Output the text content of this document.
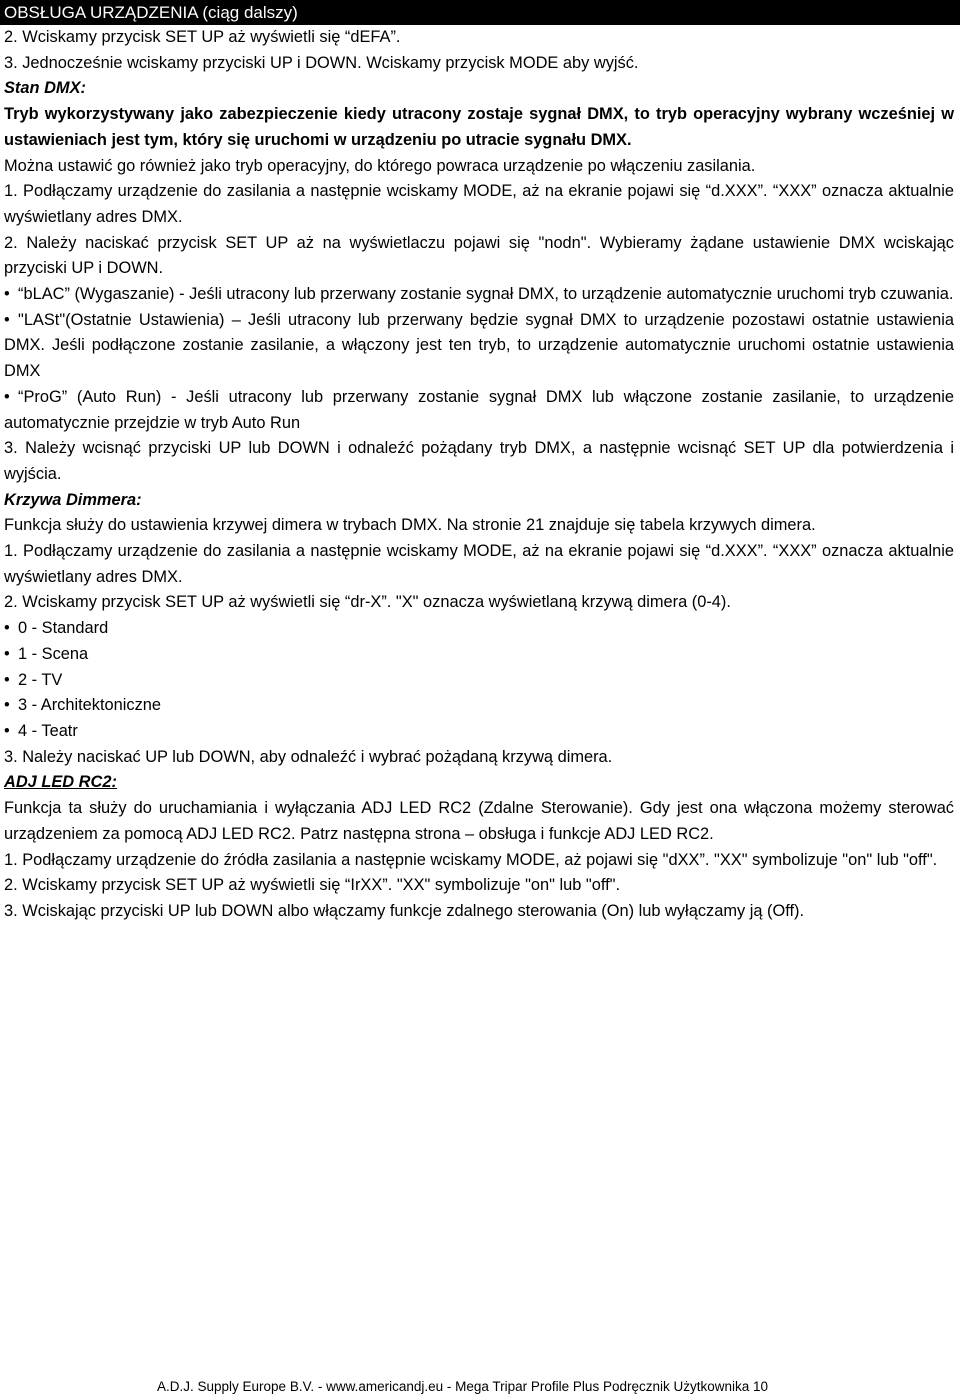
OBSŁUGA URZĄDZENIA (ciąg dalszy)

2. Wciskamy przycisk SET UP aż wyświetli się “dEFA”.

3. Jednocześnie wciskamy przyciski UP i DOWN. Wciskamy przycisk MODE aby wyjść.

Stan DMX:

Tryb wykorzystywany jako zabezpieczenie kiedy utracony zostaje sygnał DMX, to tryb operacyjny wybrany wcześniej w ustawieniach jest tym, który się uruchomi w urządzeniu po utracie sygnału DMX.

Można ustawić go również jako tryb operacyjny, do którego powraca urządzenie po włączeniu zasilania.

1. Podłączamy urządzenie do zasilania a następnie wciskamy MODE, aż na ekranie pojawi się “d.XXX”. “XXX” oznacza aktualnie wyświetlany adres DMX.

2. Należy naciskać przycisk SET UP aż na wyświetlaczu pojawi się "nodn". Wybieramy żądane ustawienie DMX wciskając przyciski UP i DOWN.

• “bLAC” (Wygaszanie) - Jeśli utracony lub przerwany zostanie sygnał DMX, to urządzenie automatycznie uruchomi tryb czuwania.

• "LASt"(Ostatnie Ustawienia) – Jeśli utracony lub przerwany będzie sygnał DMX to urządzenie pozostawi ostatnie ustawienia DMX. Jeśli podłączone zostanie zasilanie, a włączony jest ten tryb, to urządzenie automatycznie uruchomi ostatnie ustawienia DMX

• “ProG” (Auto Run) - Jeśli utracony lub przerwany zostanie sygnał DMX lub włączone zostanie zasilanie, to urządzenie automatycznie przejdzie w tryb Auto Run

3. Należy wcisnąć przyciski UP lub DOWN i odnaleźć pożądany tryb DMX, a następnie wcisnąć SET UP dla potwierdzenia i wyjścia.

Krzywa Dimmera:

Funkcja służy do ustawienia krzywej dimera w trybach DMX. Na stronie 21 znajduje się tabela krzywych dimera.

1. Podłączamy urządzenie do zasilania a następnie wciskamy MODE, aż na ekranie pojawi się “d.XXX”. “XXX” oznacza aktualnie wyświetlany adres DMX.

2. Wciskamy przycisk SET UP aż wyświetli się “dr-X”. "X" oznacza wyświetlaną krzywą dimera (0-4).

• 0 - Standard

• 1 - Scena

• 2 - TV

• 3 - Architektoniczne

• 4 - Teatr

3. Należy naciskać UP lub DOWN, aby odnaleźć i wybrać pożądaną krzywą dimera.

ADJ LED RC2:

Funkcja ta służy do uruchamiania i wyłączania ADJ LED RC2 (Zdalne Sterowanie). Gdy jest ona włączona możemy sterować urządzeniem za pomocą ADJ LED RC2. Patrz następna strona – obsługa i funkcje ADJ LED RC2.

1. Podłączamy urządzenie do źródła zasilania a następnie wciskamy MODE, aż pojawi się "dXX”. "XX" symbolizuje "on" lub "off".

2. Wciskamy przycisk SET UP aż wyświetli się “IrXX”. "XX" symbolizuje "on" lub "off".

3. Wciskając przyciski UP lub DOWN albo włączamy funkcje zdalnego sterowania (On) lub wyłączamy ją (Off).

A.D.J. Supply Europe B.V. - www.americandj.eu - Mega Tripar Profile Plus Podręcznik Użytkownika 10
